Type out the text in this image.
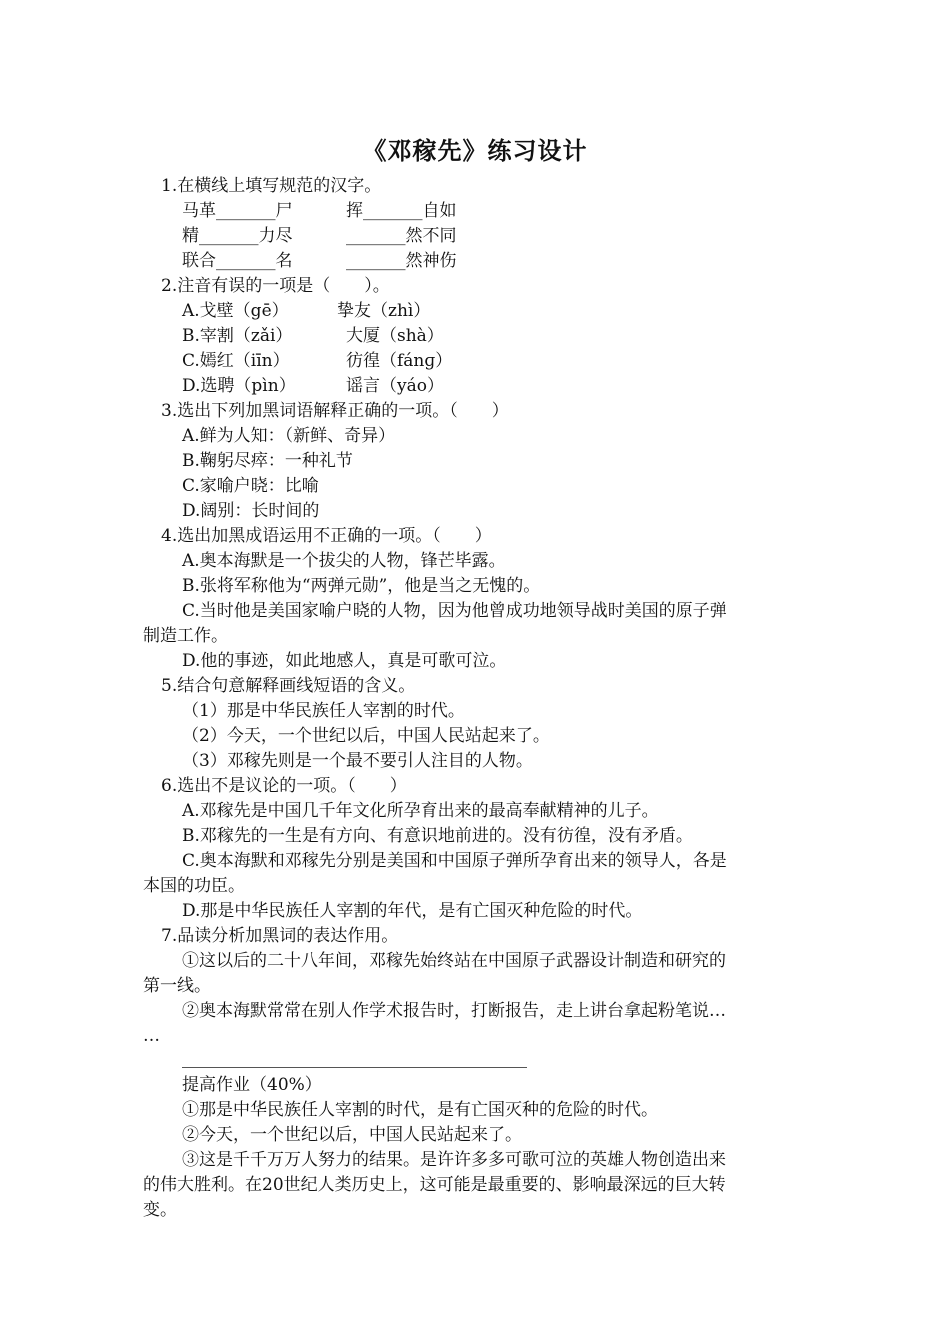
《邓稼先》练习设计
1.在横线上填写规范的汉字。
马革_______尸	挥_______自如
精_______力尽	_______然不同
联合_______名	_______然神伤
2.注音有误的一项是（　　）。
A.戈壁（gē）	挚友（zhì）
B.宰割（zǎi）	大厦（shà）
C.嫣红（iīn）	彷徨（fánɡ）
D.选聘（pìn）	谣言（yáo）
3.选出下列加黑词语解释正确的一项。（　　）
A.鲜为人知：（新鲜、奇异）
B.鞠躬尽瘁：一种礼节
C.家喻户晓：比喻
D.阔别：长时间的
4.选出加黑成语运用不正确的一项。（　　）
A.奥本海默是一个拔尖的人物，锋芒毕露。
B.张将军称他为“两弹元勋”，他是当之无愧的。
C.当时他是美国家喻户晓的人物，因为他曾成功地领导战时美国的原子弹
制造工作。
D.他的事迹，如此地感人，真是可歌可泣。
5.结合句意解释画线短语的含义。
（1）那是中华民族任人宰割的时代。
（2）今天，一个世纪以后，中国人民站起来了。
（3）邓稼先则是一个最不要引人注目的人物。
6.选出不是议论的一项。（　　）
A.邓稼先是中国几千年文化所孕育出来的最高奉献精神的儿子。
B.邓稼先的一生是有方向、有意识地前进的。没有彷徨，没有矛盾。
C.奥本海默和邓稼先分别是美国和中国原子弹所孕育出来的领导人，各是
本国的功臣。
D.那是中华民族任人宰割的年代，是有亡国灭种危险的时代。
7.品读分析加黑词的表达作用。
①这以后的二十八年间，邓稼先始终站在中国原子武器设计制造和研究的
第一线。
②奥本海默常常在别人作学术报告时，打断报告，走上讲台拿起粉笔说…
…
提高作业（40%）
①那是中华民族任人宰割的时代，是有亡国灭种的危险的时代。
②今天，一个世纪以后，中国人民站起来了。
③这是千千万万人努力的结果。是许许多多可歌可泣的英雄人物创造出来
的伟大胜利。在20世纪人类历史上，这可能是最重要的、影响最深远的巨大转
变。
